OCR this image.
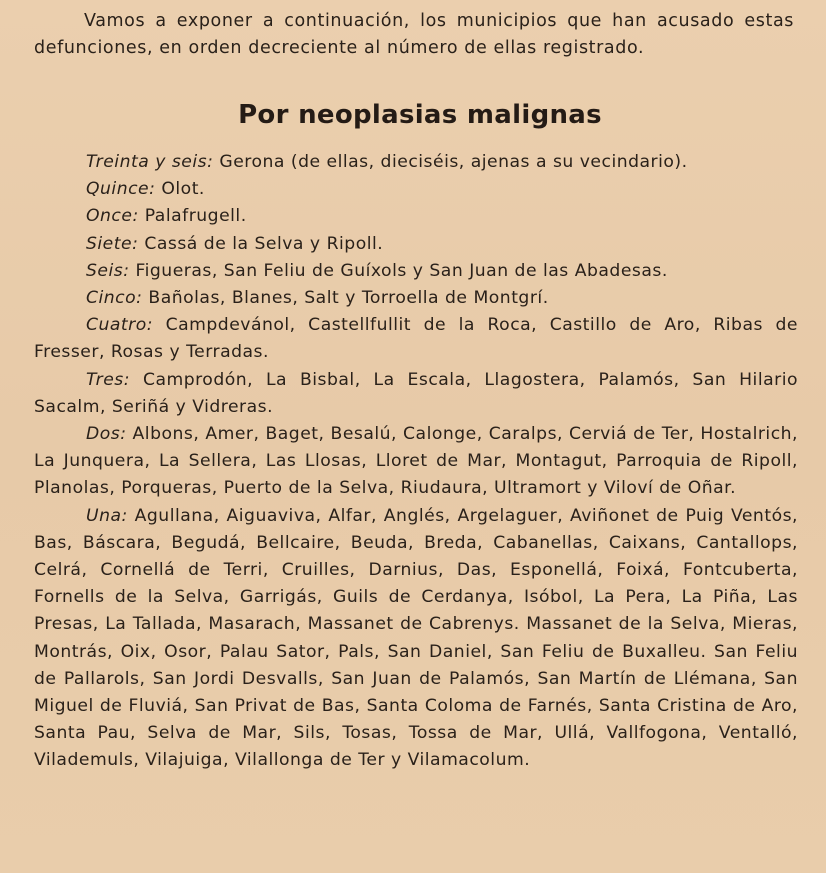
Vamos a exponer a continuación, los municipios que han acusado estas defunciones, en orden decreciente al número de ellas registrado.

Por neoplasias malignas

Treinta y seis: Gerona (de ellas, dieciséis, ajenas a su vecindario).

Quince: Olot.

Once: Palafrugell.

Siete: Cassá de la Selva y Ripoll.

Seis: Figueras, San Feliu de Guíxols y San Juan de las Abadesas.

Cinco: Bañolas, Blanes, Salt y Torroella de Montgrí.

Cuatro: Campdevánol, Castellfullit de la Roca, Castillo de Aro, Ribas de Fresser, Rosas y Terradas.

Tres: Camprodón, La Bisbal, La Escala, Llagostera, Palamós, San Hilario Sacalm, Seriñá y Vidreras.

Dos: Albons, Amer, Baget, Besalú, Calonge, Caralps, Cerviá de Ter, Hostalrich, La Junquera, La Sellera, Las Llosas, Lloret de Mar, Montagut, Parroquia de Ripoll, Planolas, Porqueras, Puerto de la Selva, Riudaura, Ultramort y Viloví de Oñar.

Una: Agullana, Aiguaviva, Alfar, Anglés, Argelaguer, Aviñonet de Puig Ventós, Bas, Báscara, Begudá, Bellcaire, Beuda, Breda, Cabanellas, Caixans, Cantallops, Celrá, Cornellá de Terri, Cruilles, Darnius, Das, Esponellá, Foixá, Fontcuberta, Fornells de la Selva, Garrigás, Guils de Cerdanya, Isóbol, La Pera, La Piña, Las Presas, La Tallada, Masarach, Massanet de Cabrenys. Massanet de la Selva, Mieras, Montrás, Oix, Osor, Palau Sator, Pals, San Daniel, San Feliu de Buxalleu. San Feliu de Pallarols, San Jordi Desvalls, San Juan de Palamós, San Martín de Llémana, San Miguel de Fluviá, San Privat de Bas, Santa Coloma de Farnés, Santa Cristina de Aro, Santa Pau, Selva de Mar, Sils, Tosas, Tossa de Mar, Ullá, Vallfogona, Ventalló, Vilademuls, Vilajuiga, Vilallonga de Ter y Vilamacolum.
